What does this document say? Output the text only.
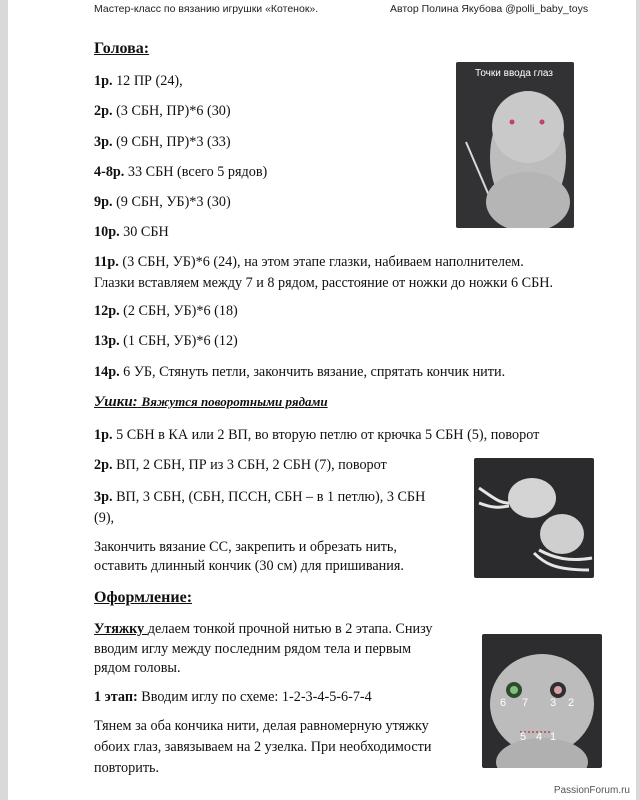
Мастер-класс по вязанию игрушки «Котенок».	Автор Полина Якубова @polli_baby_toys
Голова:
1р. 12 ПР (24),
2р. (3 СБН, ПР)*6 (30)
3р. (9 СБН, ПР)*3 (33)
4-8р. 33 СБН (всего 5 рядов)
9р. (9 СБН, УБ)*3 (30)
10р. 30 СБН
11р. (3 СБН, УБ)*6 (24), на этом этапе глазки, набиваем наполнителем.
Глазки вставляем между 7 и 8 рядом, расстояние от ножки до ножки 6 СБН.
12р. (2 СБН, УБ)*6 (18)
13р. (1 СБН, УБ)*6 (12)
14р. 6 УБ, Стянуть петли, закончить вязание, спрятать кончик нити.
Точки ввода глаз
Ушки: Вяжутся поворотными рядами
1р. 5 СБН в КА или 2 ВП, во вторую петлю от крючка 5 СБН (5), поворот
2р. ВП, 2 СБН, ПР из 3 СБН, 2 СБН (7), поворот
3р. ВП, 3 СБН, (СБН, ПССН, СБН – в 1 петлю), 3 СБН
(9),
Закончить вязание СС, закрепить и обрезать нить,
оставить длинный кончик (30 см) для пришивания.
Оформление:
Утяжку делаем тонкой прочной нитью в 2 этапа. Снизу
вводим иглу между последним рядом тела и первым
рядом головы.
1 этап: Вводим иглу по схеме: 1-2-3-4-5-6-7-4
Тянем за оба кончика нити, делая равномерную утяжку
обоих глаз, завязываем на 2 узелка. При необходимости
повторить.
6 7 3 2
5 4 1
PassionForum.ru
